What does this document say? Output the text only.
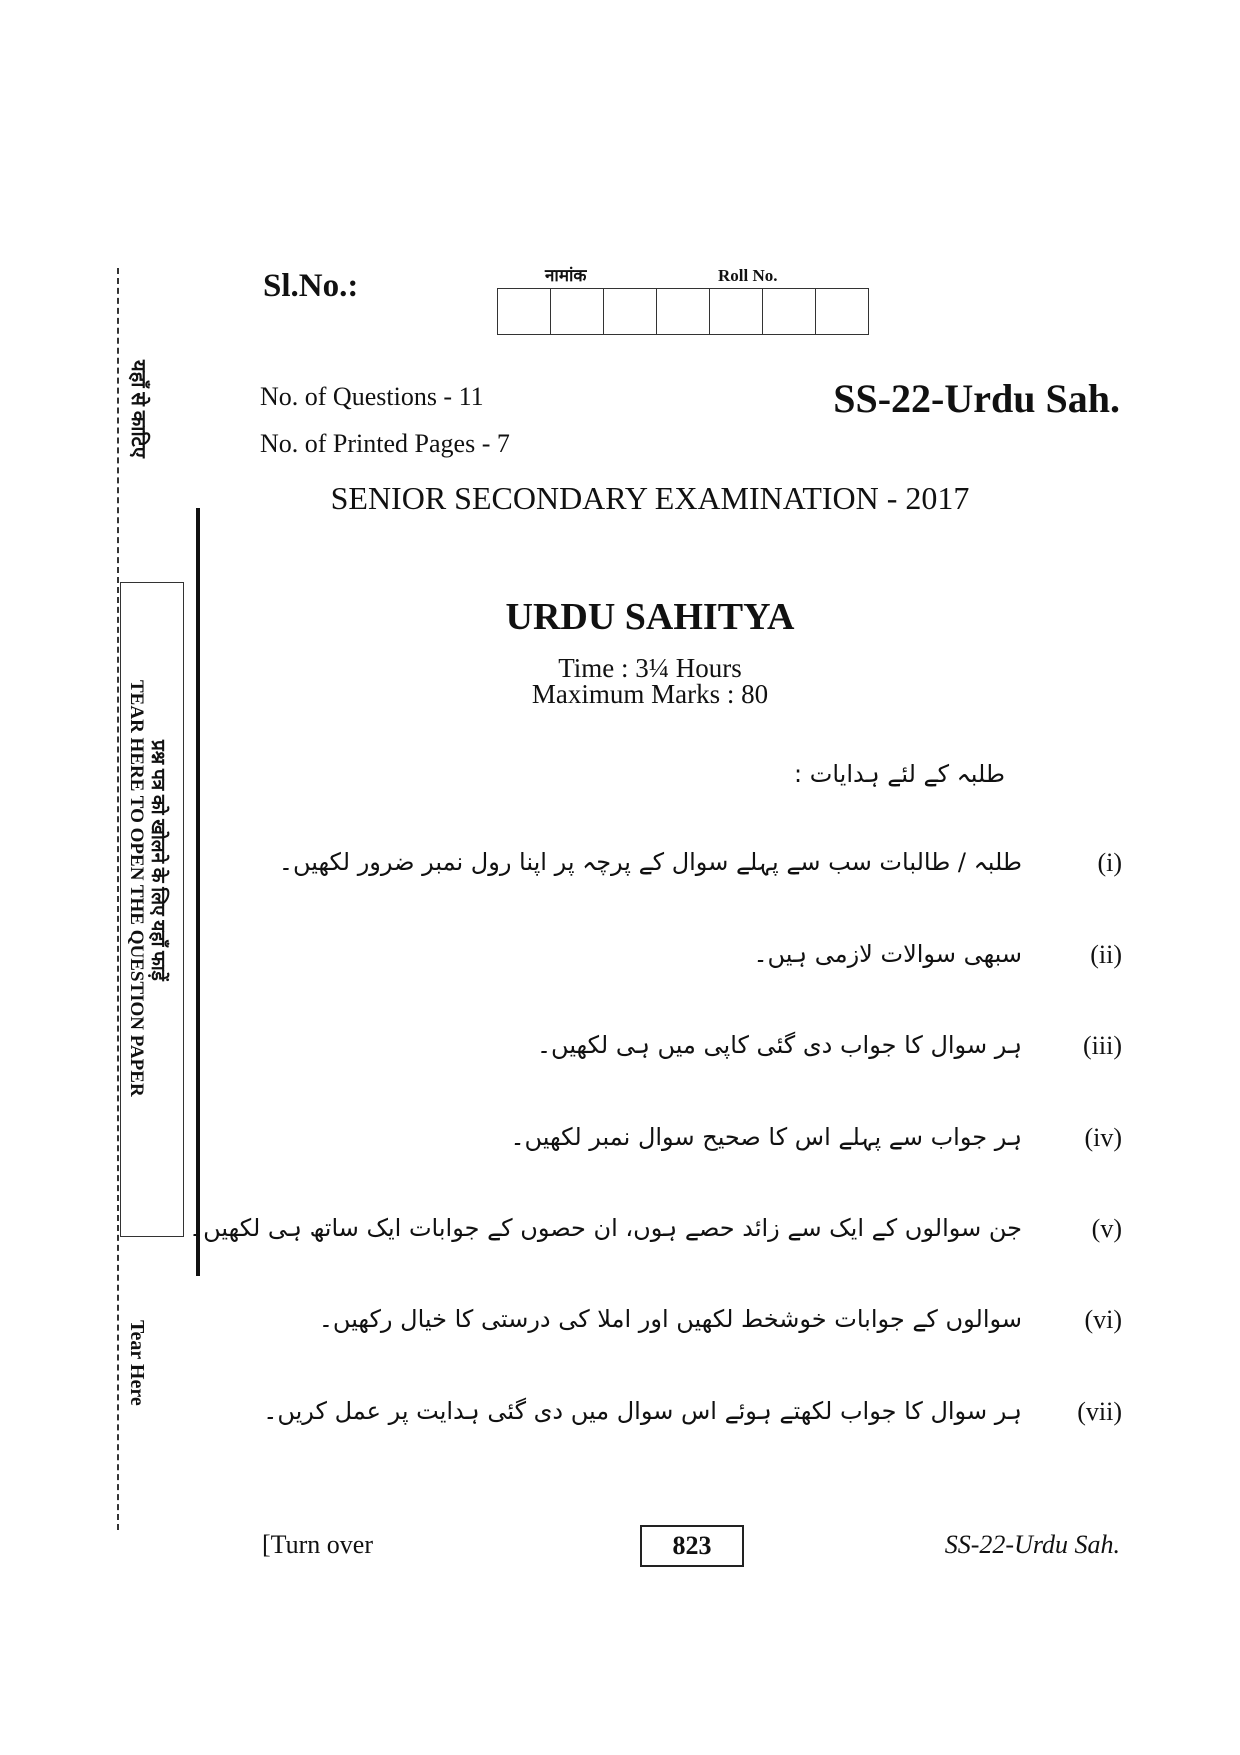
यहाँ से काटिए
प्रश्न पत्र को खोलने के लिए यहाँ फाड़ें
TEAR HERE TO OPEN THE QUESTION PAPER
Tear Here
Sl.No.:	नामांक	Roll No.
No. of Questions - 11
No. of Printed Pages - 7
SS-22-Urdu Sah.
SENIOR SECONDARY EXAMINATION - 2017
URDU SAHITYA
Time : 3¼ Hours
Maximum Marks : 80
طلبہ کے لئے ہدایات :
(i)
طلبہ / طالبات سب سے پہلے سوال کے پرچہ پر اپنا رول نمبر ضرور لکھیں۔
(ii)
سبھی سوالات لازمی ہیں۔
(iii)
ہر سوال کا جواب دی گئی کاپی میں ہی لکھیں۔
(iv)
ہر جواب سے پہلے اس کا صحیح سوال نمبر لکھیں۔
(v)
جن سوالوں کے ایک سے زائد حصے ہوں، ان حصوں کے جوابات ایک ساتھ ہی لکھیں۔
(vi)
سوالوں کے جوابات خوشخط لکھیں اور املا کی درستی کا خیال رکھیں۔
(vii)
ہر سوال کا جواب لکھتے ہوئے اس سوال میں دی گئی ہدایت پر عمل کریں۔
[Turn over	823	SS-22-Urdu Sah.
